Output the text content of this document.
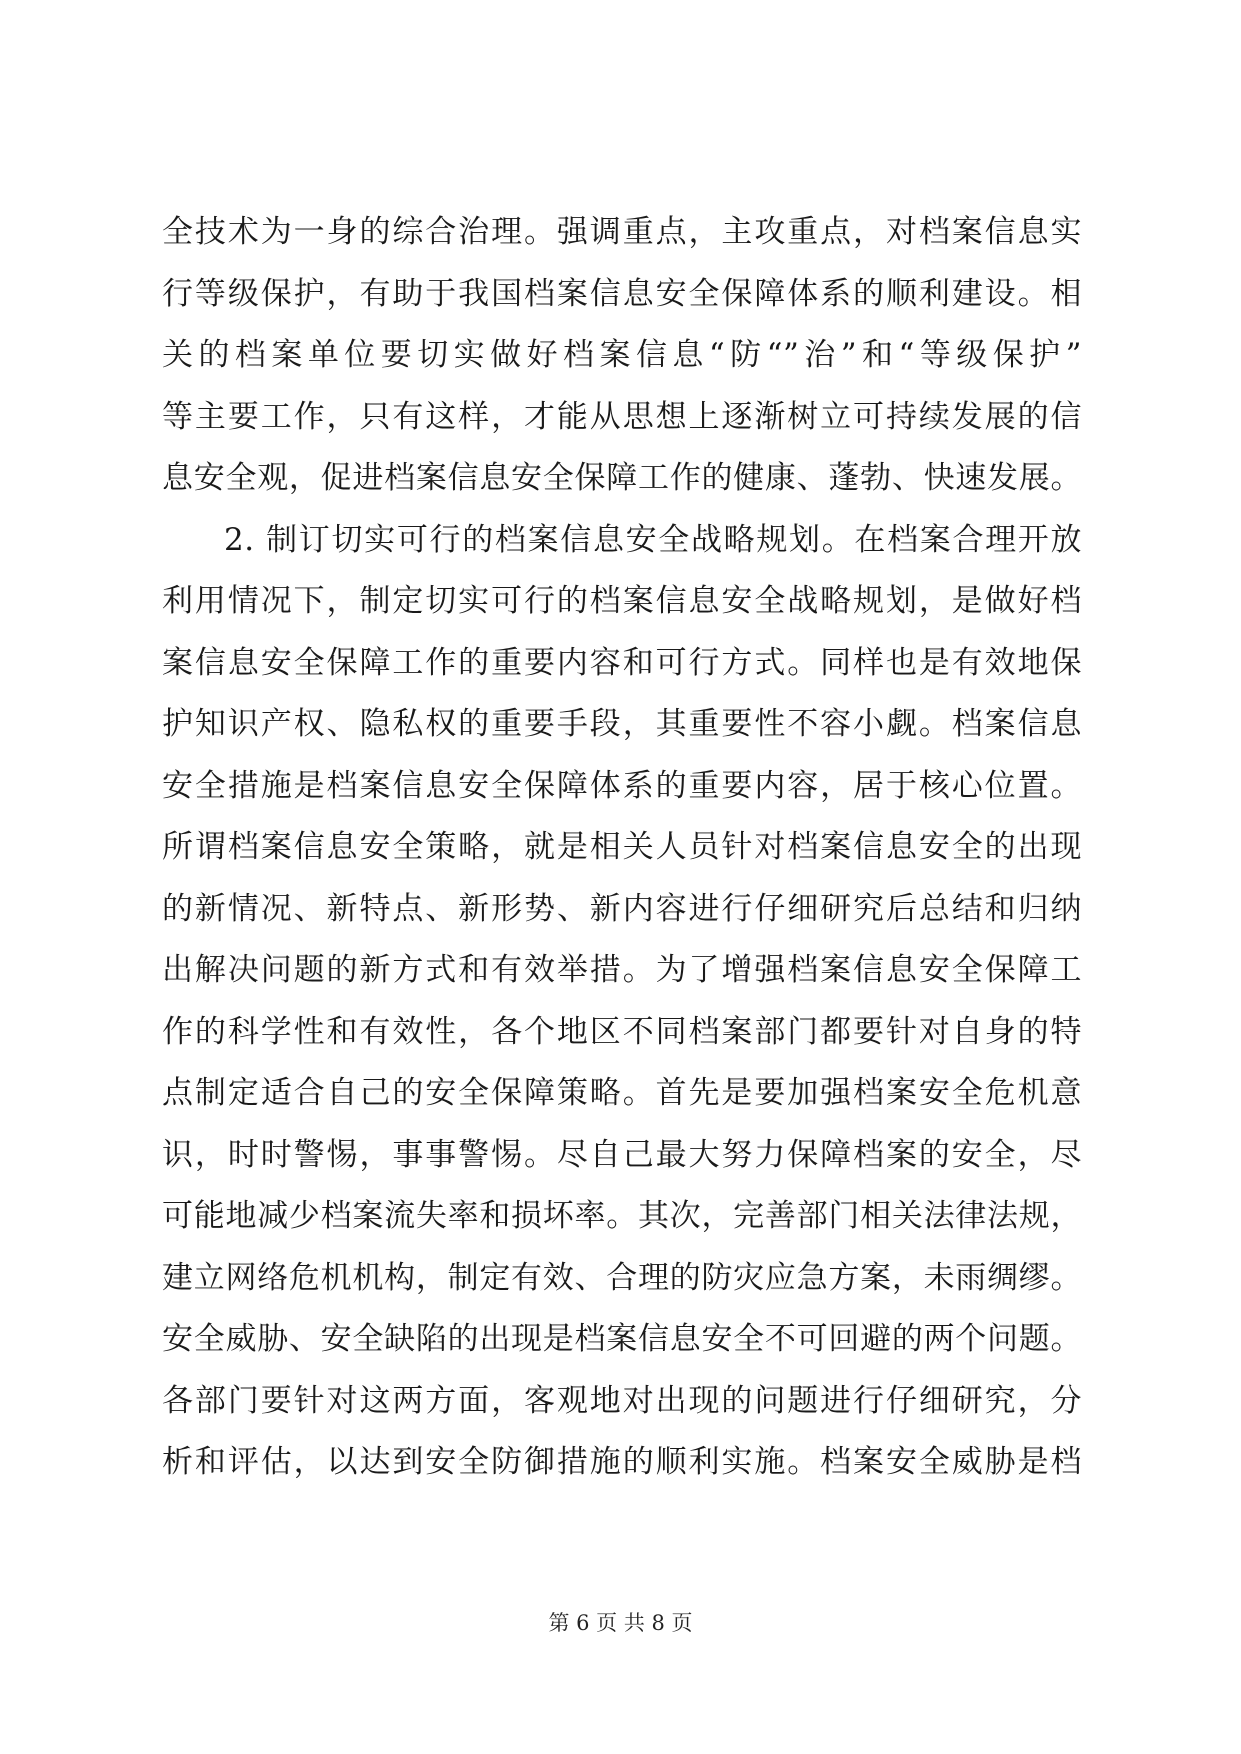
全技术为一身的综合治理。强调重点，主攻重点，对档案信息实
行等级保护，有助于我国档案信息安全保障体系的顺利建设。相
关的档案单位要切实做好档案信息“防“”治”和“等级保护”
等主要工作，只有这样，才能从思想上逐渐树立可持续发展的信
息安全观，促进档案信息安全保障工作的健康、蓬勃、快速发展。
2. 制订切实可行的档案信息安全战略规划。在档案合理开放
利用情况下，制定切实可行的档案信息安全战略规划，是做好档
案信息安全保障工作的重要内容和可行方式。同样也是有效地保
护知识产权、隐私权的重要手段，其重要性不容小觑。档案信息
安全措施是档案信息安全保障体系的重要内容，居于核心位置。
所谓档案信息安全策略，就是相关人员针对档案信息安全的出现
的新情况、新特点、新形势、新内容进行仔细研究后总结和归纳
出解决问题的新方式和有效举措。为了增强档案信息安全保障工
作的科学性和有效性，各个地区不同档案部门都要针对自身的特
点制定适合自己的安全保障策略。首先是要加强档案安全危机意
识，时时警惕，事事警惕。尽自己最大努力保障档案的安全，尽
可能地减少档案流失率和损坏率。其次，完善部门相关法律法规，
建立网络危机机构，制定有效、合理的防灾应急方案，未雨绸缪。
安全威胁、安全缺陷的出现是档案信息安全不可回避的两个问题。
各部门要针对这两方面，客观地对出现的问题进行仔细研究，分
析和评估，以达到安全防御措施的顺利实施。档案安全威胁是档
第 6 页 共 8 页
